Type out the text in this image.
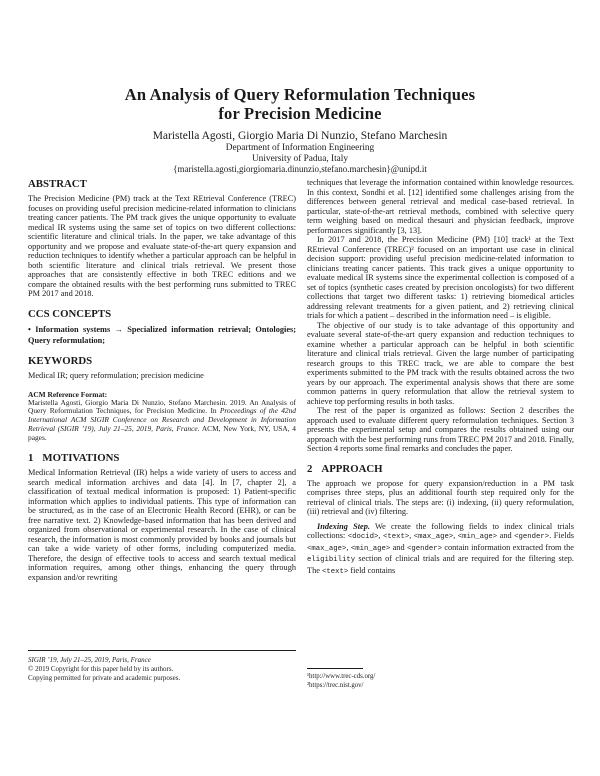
An Analysis of Query Reformulation Techniques
for Precision Medicine
Maristella Agosti, Giorgio Maria Di Nunzio, Stefano Marchesin
Department of Information Engineering
University of Padua, Italy
{maristella.agosti,giorgiomaria.dinunzio,stefano.marchesin}@unipd.it
ABSTRACT
The Precision Medicine (PM) track at the Text REtrieval Conference (TREC) focuses on providing useful precision medicine-related information to clinicians treating cancer patients. The PM track gives the unique opportunity to evaluate medical IR systems using the same set of topics on two different collections: scientific literature and clinical trials. In the paper, we take advantage of this opportunity and we propose and evaluate state-of-the-art query expansion and reduction techniques to identify whether a particular approach can be helpful in both scientific literature and clinical trials retrieval. We present those approaches that are consistently effective in both TREC editions and we compare the obtained results with the best performing runs submitted to TREC PM 2017 and 2018.
CCS CONCEPTS
• Information systems → Specialized information retrieval; Ontologies; Query reformulation;
KEYWORDS
Medical IR; query reformulation; precision medicine
ACM Reference Format:
Maristella Agosti, Giorgio Maria Di Nunzio, Stefano Marchesin. 2019. An Analysis of Query Reformulation Techniques, for Precision Medicine. In Proceedings of the 42nd International ACM SIGIR Conference on Research and Development in Information Retrieval (SIGIR ’19), July 21–25, 2019, Paris, France. ACM, New York, NY, USA, 4 pages.
1 MOTIVATIONS
Medical Information Retrieval (IR) helps a wide variety of users to access and search medical information archives and data [4]. In [7, chapter 2], a classification of textual medical information is proposed: 1) Patient-specific information which applies to individual patients. This type of information can be structured, as in the case of an Electronic Health Record (EHR), or can be free narrative text. 2) Knowledge-based information that has been derived and organized from observational or experimental research. In the case of clinical research, the information is most commonly provided by books and journals but can take a wide variety of other forms, including computerized media. Therefore, the design of effective tools to access and search textual medical information requires, among other things, enhancing the query through expansion and/or rewriting
SIGIR ’19, July 21–25, 2019, Paris, France
© 2019 Copyright for this paper held by its authors.
Copying permitted for private and academic purposes.
techniques that leverage the information contained within knowledge resources. In this context, Sondhi et al. [12] identified some challenges arising from the differences between general retrieval and medical case-based retrieval. In particular, state-of-the-art retrieval methods, combined with selective query term weighing based on medical thesauri and physician feedback, improve performances significantly [3, 13].
In 2017 and 2018, the Precision Medicine (PM) [10] track¹ at the Text REtrieval Conference (TREC)² focused on an important use case in clinical decision support: providing useful precision medicine-related information to clinicians treating cancer patients. This track gives a unique opportunity to evaluate medical IR systems since the experimental collection is composed of a set of topics (synthetic cases created by precision oncologists) for two different collections that target two different tasks: 1) retrieving biomedical articles addressing relevant treatments for a given patient, and 2) retrieving clinical trials for which a patient – described in the information need – is eligible.
The objective of our study is to take advantage of this opportunity and evaluate several state-of-the-art query expansion and reduction techniques to examine whether a particular approach can be helpful in both scientific literature and clinical trials retrieval. Given the large number of participating research groups to this TREC track, we are able to compare the best experiments submitted to the PM track with the results obtained across the two years by our approach. The experimental analysis shows that there are some common patterns in query reformulation that allow the retrieval system to achieve top performing results in both tasks.
The rest of the paper is organized as follows: Section 2 describes the approach used to evaluate different query reformulation techniques. Section 3 presents the experimental setup and compares the results obtained using our approach with the best performing runs from TREC PM 2017 and 2018. Finally, Section 4 reports some final remarks and concludes the paper.
2 APPROACH
The approach we propose for query expansion/reduction in a PM task comprises three steps, plus an additional fourth step required only for the retrieval of clinical trials. The steps are: (i) indexing, (ii) query reformulation, (iii) retrieval and (iv) filtering.
Indexing Step. We create the following fields to index clinical trials collections: <docid>, <text>, <max_age>, <min_age> and <gender>. Fields <max_age>, <min_age> and <gender> contain information extracted from the eligibility section of clinical trials and are required for the filtering step. The <text> field contains
¹http://www.trec-cds.org/
²https://trec.nist.gov/
